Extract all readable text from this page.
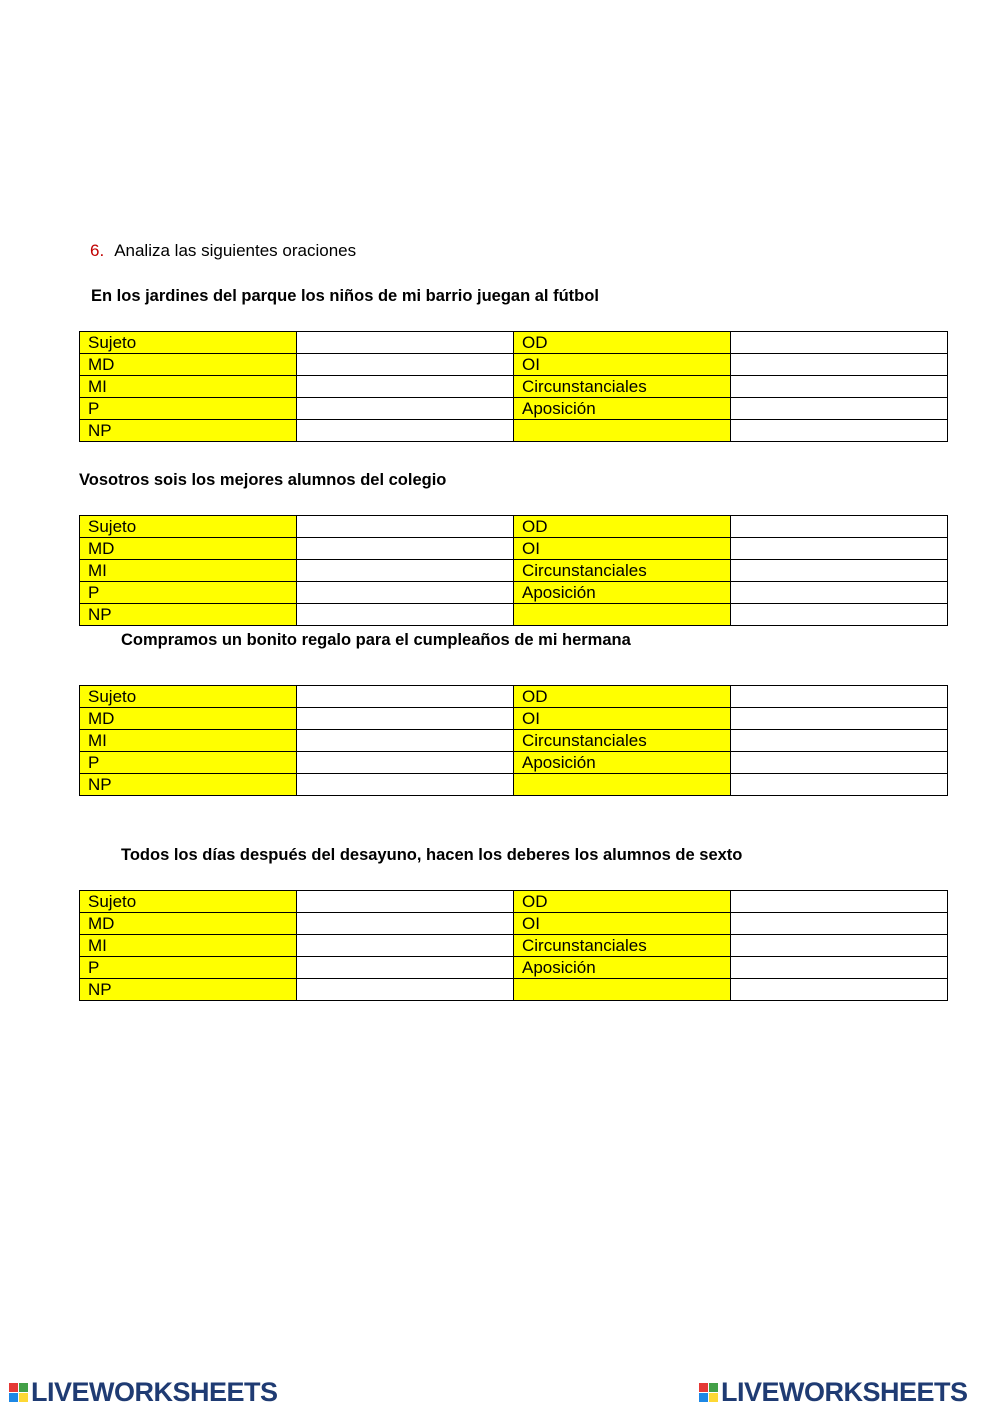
6. Analiza las siguientes oraciones
En los jardines del parque los niños de mi barrio juegan al fútbol
Sujeto		OD	
MD		OI	
MI		Circunstanciales	
P		Aposición	
NP			
Vosotros sois los mejores alumnos del colegio
Sujeto		OD	
MD		OI	
MI		Circunstanciales	
P		Aposición	
NP			
Compramos un bonito regalo para el cumpleaños de mi hermana
Sujeto		OD	
MD		OI	
MI		Circunstanciales	
P		Aposición	
NP			
Todos los días después del desayuno, hacen los deberes los alumnos de sexto
Sujeto		OD	
MD		OI	
MI		Circunstanciales	
P		Aposición	
NP			
LIVEWORKSHEETS	LIVEWORKSHEETS
